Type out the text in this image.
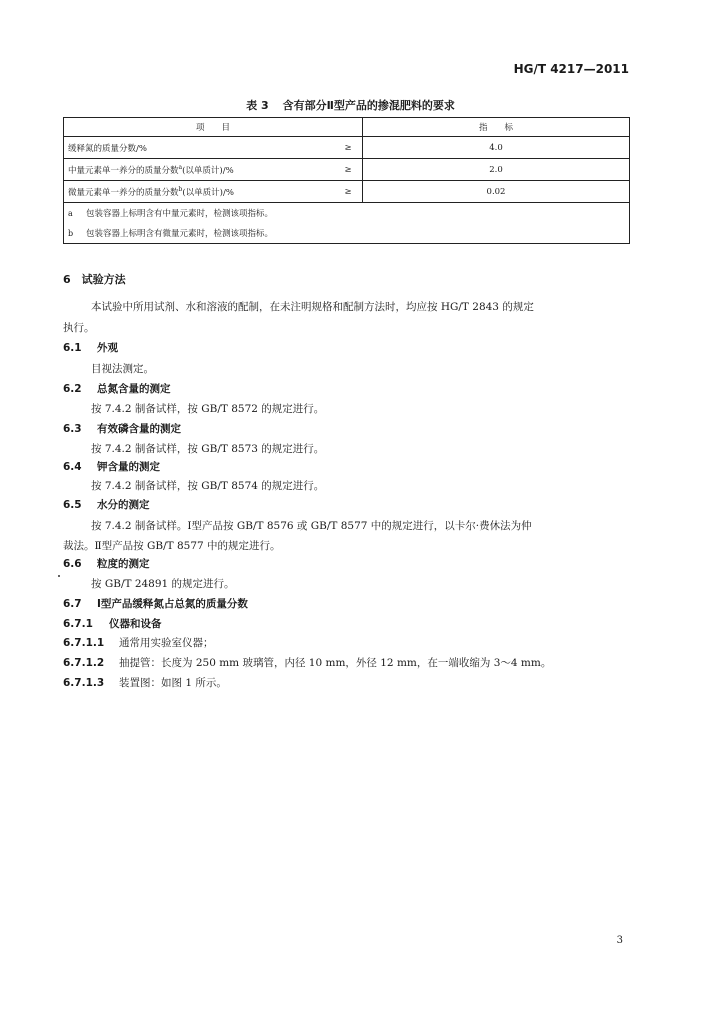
HG/T 4217—2011
表 3 含有部分Ⅱ型产品的掺混肥料的要求
项　　目		指　　标
缓释氮的质量分数/%	≥	4.0
中量元素单一养分的质量分数$^a$(以单质计)/%	≥	2.0
微量元素单一养分的质量分数$^b$(以单质计)/%	≥	0.02
a 包装容器上标明含有中量元素时，检测该项指标。		
b 包装容器上标明含有微量元素时，检测该项指标。		
6　试验方法
本试验中所用试剂、水和溶液的配制，在未注明规格和配制方法时，均应按 HG/T 2843 的规定
执行。
6.1 外观
目视法测定。
6.2 总氮含量的测定
按 7.4.2 制备试样，按 GB/T 8572 的规定进行。
6.3 有效磷含量的测定
按 7.4.2 制备试样，按 GB/T 8573 的规定进行。
6.4 钾含量的测定
按 7.4.2 制备试样，按 GB/T 8574 的规定进行。
6.5 水分的测定
按 7.4.2 制备试样。Ⅰ型产品按 GB/T 8576 或 GB/T 8577 中的规定进行，以卡尔·费休法为仲
裁法。Ⅱ型产品按 GB/T 8577 中的规定进行。
6.6 粒度的测定
按 GB/T 24891 的规定进行。
6.7 Ⅰ型产品缓释氮占总氮的质量分数
6.7.1 仪器和设备
6.7.1.1 通常用实验室仪器；
6.7.1.2 抽提管：长度为 250 mm 玻璃管，内径 10 mm，外径 12 mm，在一端收缩为 3～4 mm。
6.7.1.3 装置图：如图 1 所示。
3
